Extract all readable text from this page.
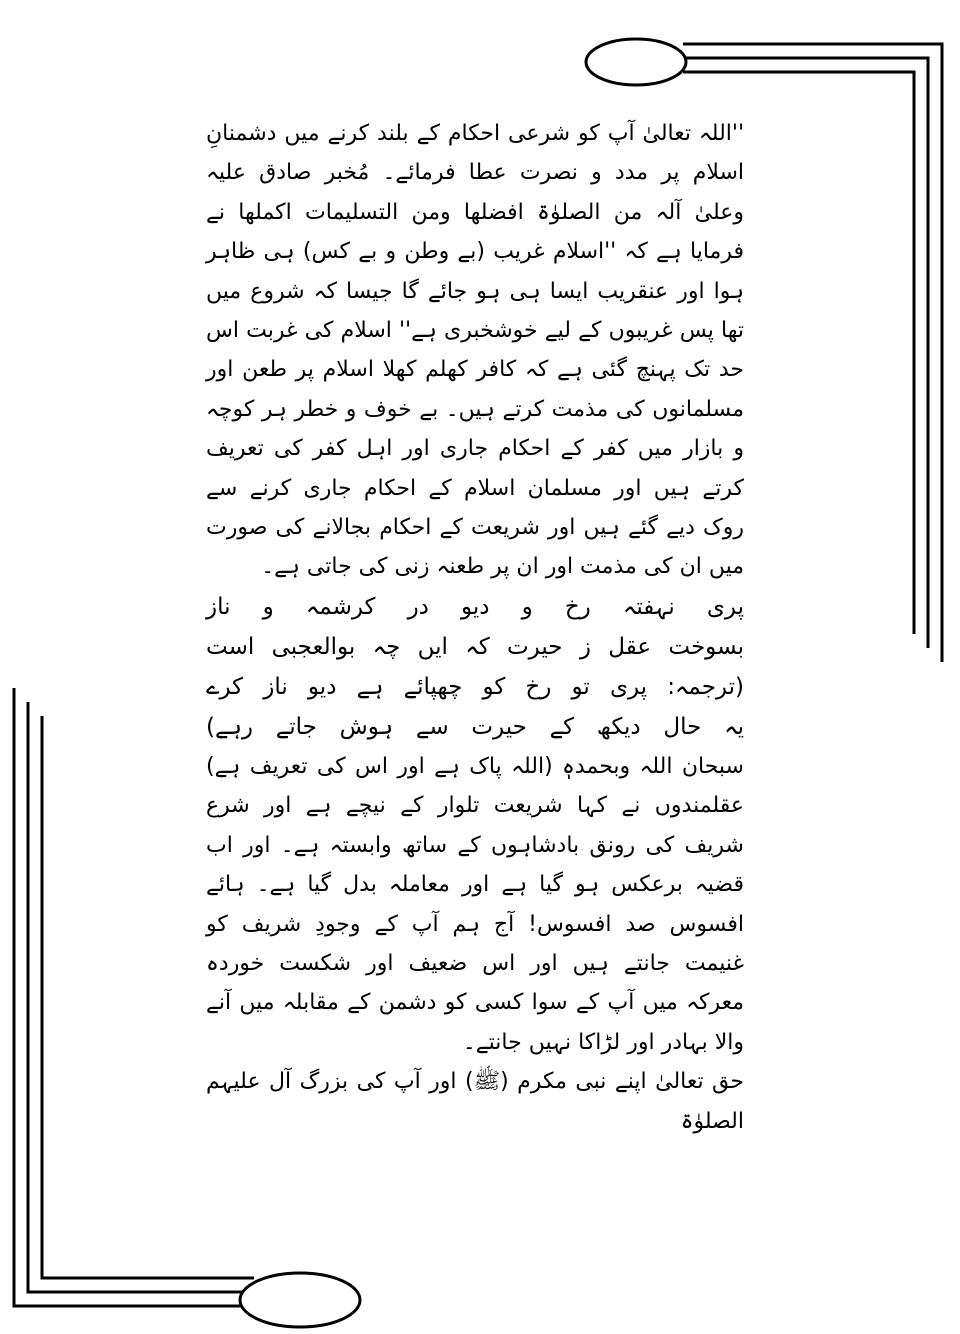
''اللہ تعالیٰ آپ کو شرعی احکام کے بلند کرنے میں دشمنانِ اسلام پر مدد و نصرت عطا فرمائے۔ مُخبر صادق علیہ وعلیٰ آلہ من الصلوٰۃ افضلھا ومن التسلیمات اکملھا نے فرمایا ہے کہ ''اسلام غریب (بے وطن و بے کس) ہی ظاہر ہوا اور عنقریب ایسا ہی ہو جائے گا جیسا کہ شروع میں تھا پس غریبوں کے لیے خوشخبری ہے'' اسلام کی غربت اس حد تک پہنچ گئی ہے کہ کافر کھلم کھلا اسلام پر طعن اور مسلمانوں کی مذمت کرتے ہیں۔ بے خوف و خطر ہر کوچہ و بازار میں کفر کے احکام جاری اور اہل کفر کی تعریف کرتے ہیں اور مسلمان اسلام کے احکام جاری کرنے سے روک دیے گئے ہیں اور شریعت کے احکام بجالانے کی صورت میں ان کی مذمت اور ان پر طعنہ زنی کی جاتی ہے۔

پری نہفتہ رخ و دیو در کرشمہ و ناز
بسوخت عقل ز حیرت کہ ایں چہ بوالعجبی است
(ترجمہ: پری تو رخ کو چھپائے ہے دیو ناز کرے
یہ حال دیکھ کے حیرت سے ہوش جاتے رہے)

سبحان اللہ وبحمدہٖ (اللہ پاک ہے اور اس کی تعریف ہے) عقلمندوں نے کہا شریعت تلوار کے نیچے ہے اور شرع شریف کی رونق بادشاہوں کے ساتھ وابستہ ہے۔ اور اب قضیہ برعکس ہو گیا ہے اور معاملہ بدل گیا ہے۔ ہائے افسوس صد افسوس! آج ہم آپ کے وجودِ شریف کو غنیمت جانتے ہیں اور اس ضعیف اور شکست خوردہ معرکہ میں آپ کے سوا کسی کو دشمن کے مقابلہ میں آنے والا بہادر اور لڑاکا نہیں جانتے۔

حق تعالیٰ اپنے نبی مکرم (ﷺ) اور آپ کی بزرگ آل علیہم الصلوٰۃ
